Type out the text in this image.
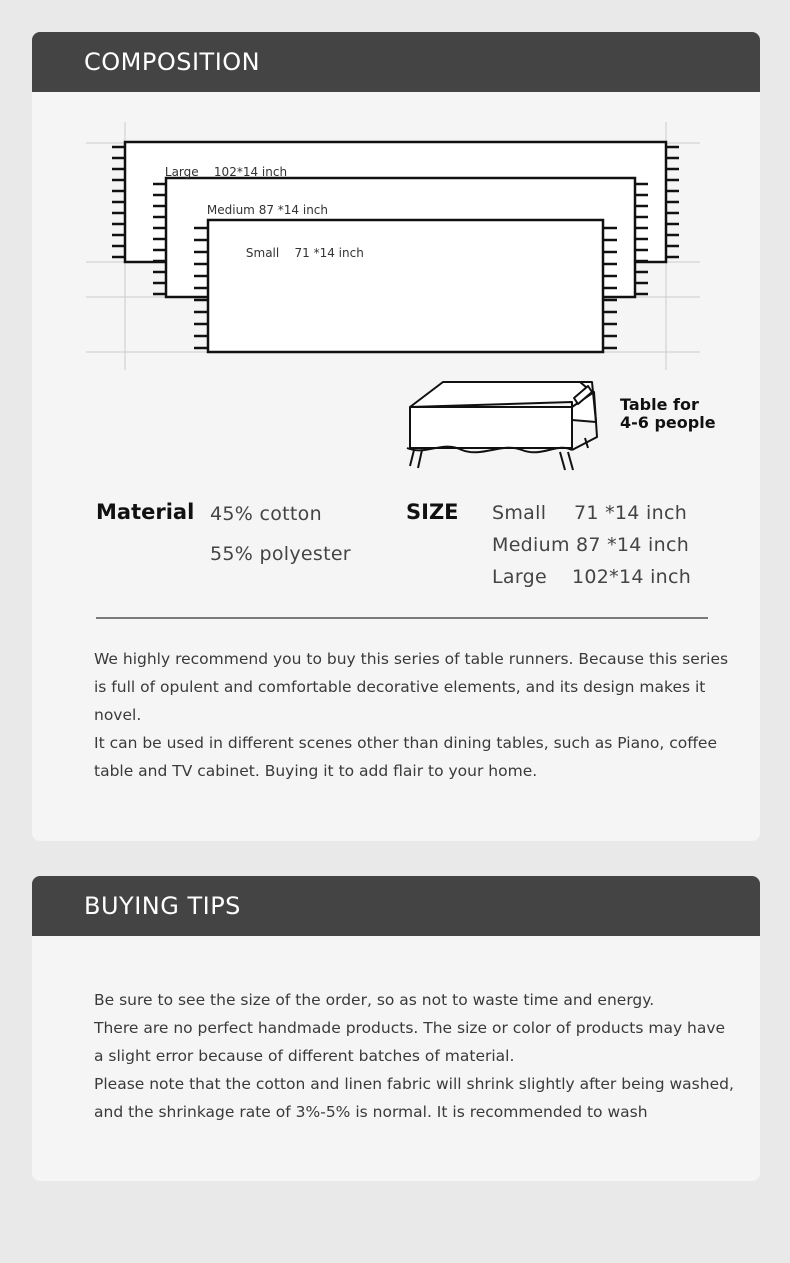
COMPOSITION

Large 102*14 inch

Medium 87 *14 inch

Small 71 *14 inch

Table for
4-6 people
Material 45% cotton
55% polyester
SIZE Small 71 *14 inch
Medium 87 *14 inch
Large 102*14 inch

We highly recommend you to buy this series of table runners. Because this series is full of opulent and comfortable decorative elements, and its design makes it novel.

It can be used in different scenes other than dining tables, such as Piano, coffee table and TV cabinet. Buying it to add flair to your home.

BUYING TIPS

Be sure to see the size of the order, so as not to waste time and energy.

There are no perfect handmade products. The size or color of products may have a slight error because of different batches of material.

Please note that the cotton and linen fabric will shrink slightly after being washed, and the shrinkage rate of 3%-5% is normal. It is recommended to wash
